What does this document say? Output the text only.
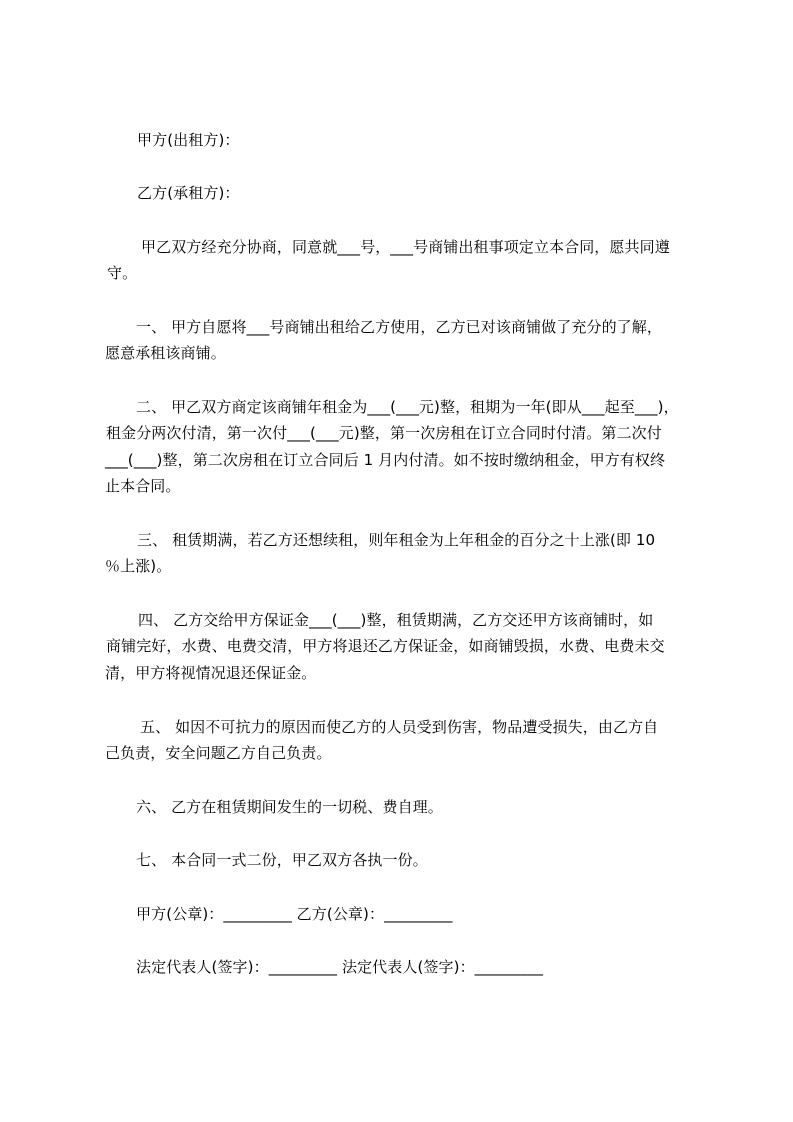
甲方(出租方)：
乙方(承租方)：
甲乙双方经充分协商，同意就___号，___号商铺出租事项定立本合同，愿共同遵
守。
一、 甲方自愿将___号商铺出租给乙方使用，乙方已对该商铺做了充分的了解，
愿意承租该商铺。
二、 甲乙双方商定该商铺年租金为___(___元)整，租期为一年(即从___起至___)，
租金分两次付清，第一次付___(___元)整，第一次房租在订立合同时付清。第二次付
___(___)整，第二次房租在订立合同后 1 月内付清。如不按时缴纳租金，甲方有权终
止本合同。
三、 租赁期满，若乙方还想续租，则年租金为上年租金的百分之十上涨(即 10
％上涨)。
四、 乙方交给甲方保证金___(___)整，租赁期满，乙方交还甲方该商铺时，如
商铺完好，水费、电费交清，甲方将退还乙方保证金，如商铺毁损，水费、电费未交
清，甲方将视情况退还保证金。
五、 如因不可抗力的原因而使乙方的人员受到伤害，物品遭受损失，由乙方自
己负责，安全问题乙方自己负责。
六、 乙方在租赁期间发生的一切税、费自理。
七、 本合同一式二份，甲乙双方各执一份。
甲方(公章)：_________ 乙方(公章)：_________
法定代表人(签字)：_________ 法定代表人(签字)：_________
